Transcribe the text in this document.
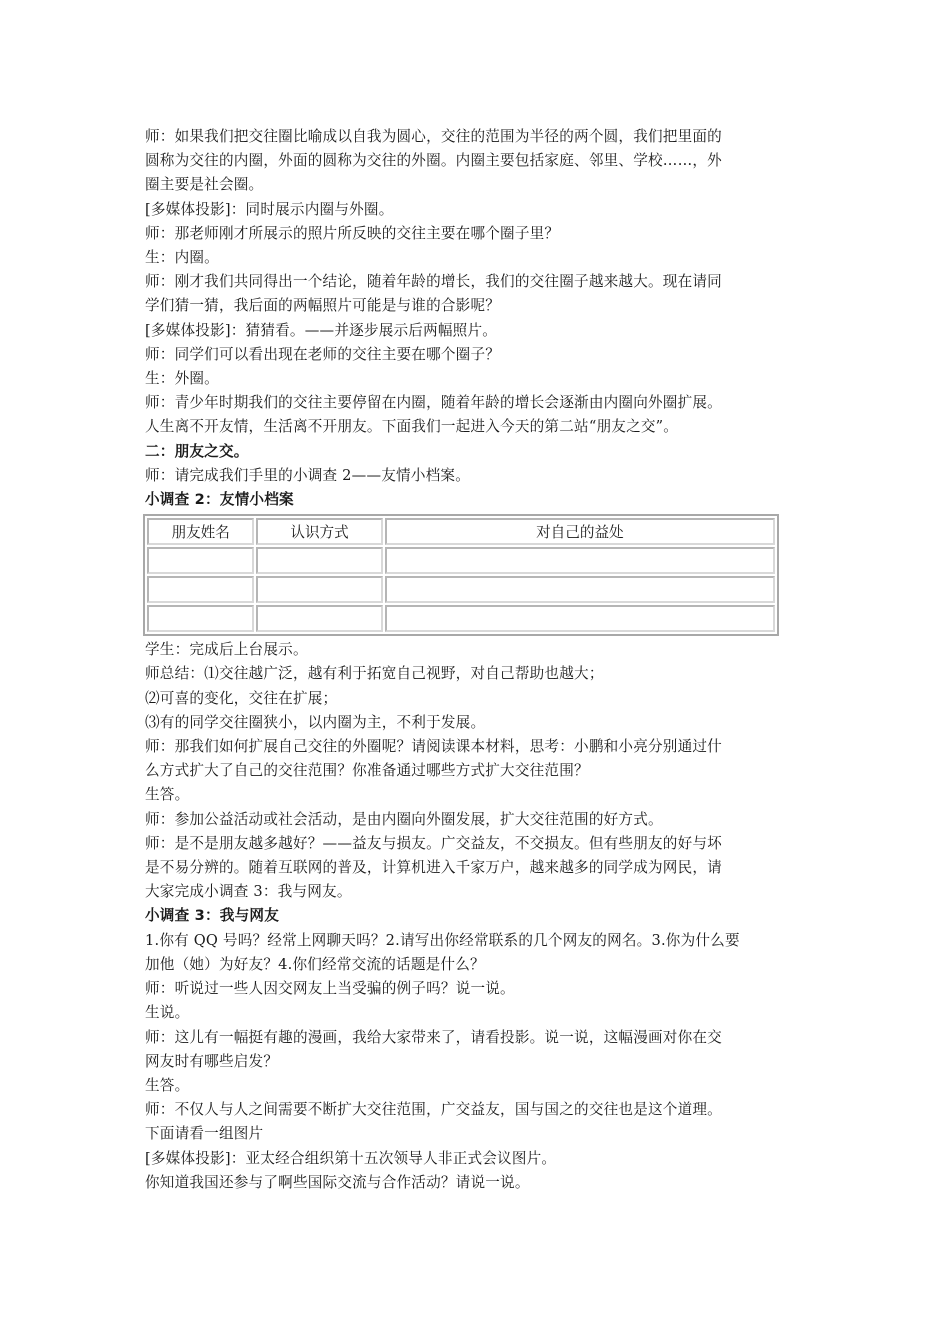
师：如果我们把交往圈比喻成以自我为圆心，交往的范围为半径的两个圆，我们把里面的

圆称为交往的内圈，外面的圆称为交往的外圈。内圈主要包括家庭、邻里、学校……，外

圈主要是社会圈。

[多媒体投影]：同时展示内圈与外圈。

师：那老师刚才所展示的照片所反映的交往主要在哪个圈子里？

生：内圈。

师：刚才我们共同得出一个结论，随着年龄的增长，我们的交往圈子越来越大。现在请同

学们猜一猜，我后面的两幅照片可能是与谁的合影呢？

[多媒体投影]：猜猜看。——并逐步展示后两幅照片。

师：同学们可以看出现在老师的交往主要在哪个圈子？

生：外圈。

师：青少年时期我们的交往主要停留在内圈，随着年龄的增长会逐渐由内圈向外圈扩展。

人生离不开友情，生活离不开朋友。下面我们一起进入今天的第二站“朋友之交”。

二：朋友之交。

师：请完成我们手里的小调查 2——友情小档案。

小调查 2：友情小档案

朋友姓名	认识方式	对自己的益处

学生：完成后上台展示。

师总结：⑴交往越广泛，越有利于拓宽自己视野，对自己帮助也越大；

⑵可喜的变化，交往在扩展；

⑶有的同学交往圈狭小，以内圈为主，不利于发展。

师：那我们如何扩展自己交往的外圈呢？请阅读课本材料，思考：小鹏和小亮分别通过什

么方式扩大了自己的交往范围？你准备通过哪些方式扩大交往范围？

生答。

师：参加公益活动或社会活动，是由内圈向外圈发展，扩大交往范围的好方式。

师：是不是朋友越多越好？——益友与损友。广交益友，不交损友。但有些朋友的好与坏

是不易分辨的。随着互联网的普及，计算机进入千家万户，越来越多的同学成为网民，请

大家完成小调查 3：我与网友。

小调查 3：我与网友

1.你有 QQ 号吗？经常上网聊天吗？2.请写出你经常联系的几个网友的网名。3.你为什么要

加他（她）为好友？4.你们经常交流的话题是什么？

师：听说过一些人因交网友上当受骗的例子吗？说一说。

生说。

师：这儿有一幅挺有趣的漫画，我给大家带来了，请看投影。说一说，这幅漫画对你在交

网友时有哪些启发？

生答。

师：不仅人与人之间需要不断扩大交往范围，广交益友，国与国之的交往也是这个道理。

下面请看一组图片

[多媒体投影]：亚太经合组织第十五次领导人非正式会议图片。

你知道我国还参与了啊些国际交流与合作活动？请说一说。
